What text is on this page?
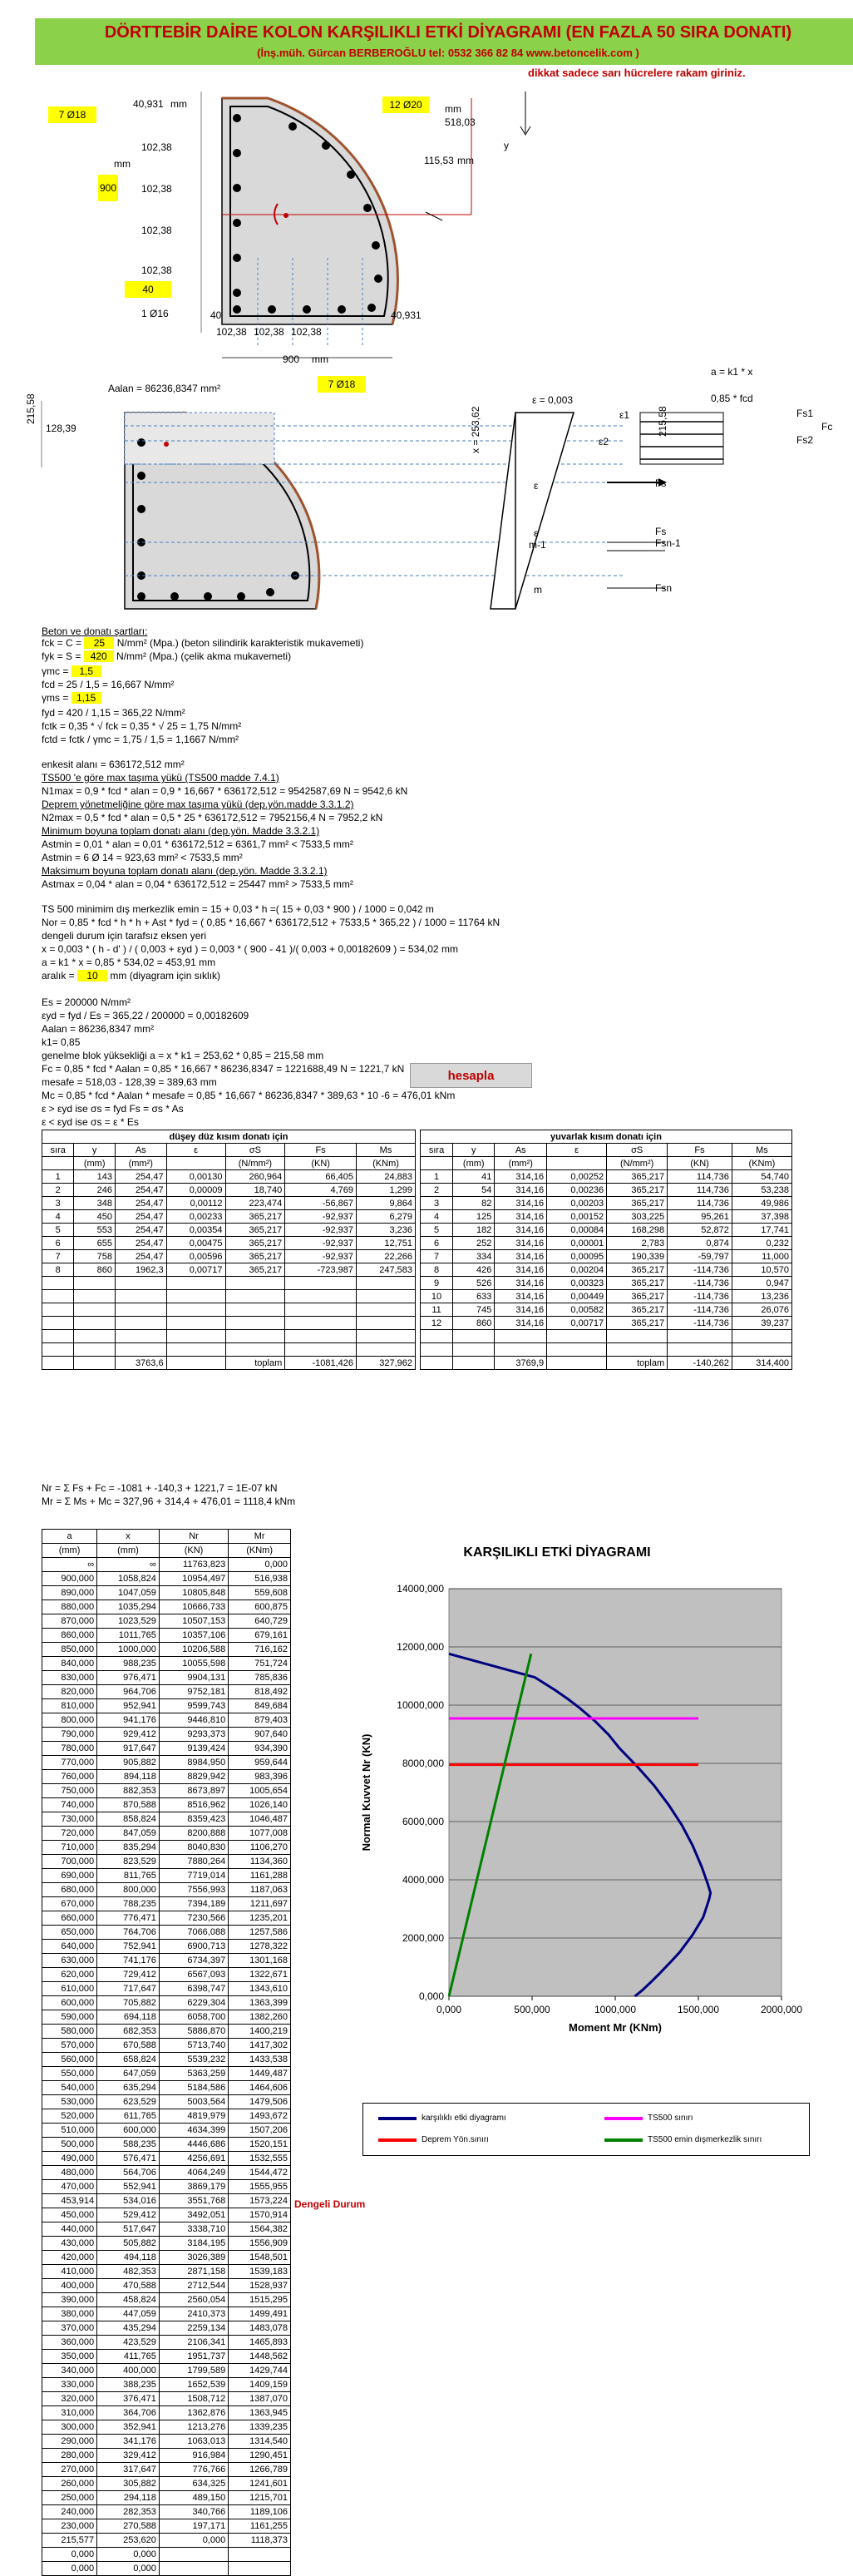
DÖRTTEBİR DAİRE KOLON KARŞILIKLI ETKİ DİYAGRAMI (EN FAZLA 50 SIRA DONATI)
(İnş.müh. Gürcan BERBEROĞLU tel: 0532 366 82 84 www.betoncelik.com )
dikkat sadece sarı hücrelere rakam giriniz.
7 Ø18
12 Ø20
40
900
7 Ø18
40,931 mm
102,38
102,38
102,38
102,38
mm
102,38 102,38 102,38
40,931
40
1 Ø16
900 mm
115,53 mm
518,03
mm
y
Aalan = 86236,8347 mm²
a = k1 * x
0,85 * fcd
ε = 0,003
215,58
128,39	x = 253,62	215,58
ε1
ε2
ε
ε
m-1
m
Fs1
Fs2
Fc
Fs
Fs
Fsn-1
Fsn
Beton ve donatı şartları:
fck = C = 25 N/mm² (Mpa.) (beton silindirik karakteristik mukavemeti)
fyk = S = 420 N/mm² (Mpa.) (çelik akma mukavemeti)
γmc = 1,5
fcd = 25 / 1,5 = 16,667 N/mm²
γms = 1,15
fyd = 420 / 1,15 = 365,22 N/mm²
fctk = 0,35 * √ fck = 0,35 * √ 25 = 1,75 N/mm²
fctd = fctk / γmc = 1,75 / 1,5 = 1,1667 N/mm²
enkesit alanı = 636172,512 mm²
TS500 'e göre max taşıma yükü (TS500 madde 7.4.1)
N1max = 0,9 * fcd * alan = 0,9 * 16,667 * 636172,512 = 9542587,69 N = 9542,6 kN
Deprem yönetmeliğine göre max taşıma yükü (dep.yön.madde 3.3.1.2)
N2max = 0,5 * fcd * alan = 0,5 * 25 * 636172,512 = 7952156,4 N = 7952,2 kN
Minimum boyuna toplam donatı alanı (dep.yön. Madde 3.3.2.1)
Astmin = 0,01 * alan = 0,01 * 636172,512 = 6361,7 mm² < 7533,5 mm²
Astmin = 6 Ø 14 = 923,63 mm² < 7533,5 mm²
Maksimum boyuna toplam donatı alanı (dep.yön. Madde 3.3.2.1)
Astmax = 0,04 * alan = 0,04 * 636172,512 = 25447 mm² > 7533,5 mm²
TS 500 minimim dış merkezlik emin = 15 + 0,03 * h =( 15 + 0,03 * 900 ) / 1000 = 0,042 m
Nor = 0,85 * fcd * h * h + Ast * fyd = ( 0,85 * 16,667 * 636172,512 + 7533,5 * 365,22 ) / 1000 = 11764 kN
dengeli durum için tarafsız eksen yeri
x = 0,003 * ( h - d' ) / ( 0,003 + εyd ) = 0,003 * ( 900 - 41 )/( 0,003 + 0,00182609 ) = 534,02 mm
a = k1 * x = 0,85 * 534,02 = 453,91 mm
aralık = 10 mm (diyagram için sıklık)
Es = 200000 N/mm²
εyd = fyd / Es = 365,22 / 200000 = 0,00182609
Aalan = 86236,8347 mm²
k1= 0,85
genelme blok yüksekliği a = x * k1 = 253,62 * 0,85 = 215,58 mm
Fc = 0,85 * fcd * Aalan = 0,85 * 16,667 * 86236,8347 = 1221688,49 N = 1221,7 kN
mesafe = 518,03 - 128,39 = 389,63 mm
Mc = 0,85 * fcd * Aalan * mesafe = 0,85 * 16,667 * 86236,8347 * 389,63 * 10 -6 = 476,01 kNm
ε > εyd ise σs = fyd Fs = σs * As
ε < εyd ise σs = ε * Es
hesapla
düşey düz kısım donatı için						
sıra	y	As	ε	σS	Fs	Ms
	(mm)	(mm²)		(N/mm²)	(KN)	(KNm)
1	143	254,47	0,00130	260,964	66,405	24,883
2	246	254,47	0,00009	18,740	4,769	1,299
3	348	254,47	0,00112	223,474	-56,867	9,864
4	450	254,47	0,00233	365,217	-92,937	6,279
5	553	254,47	0,00354	365,217	-92,937	3,236
6	655	254,47	0,00475	365,217	-92,937	12,751
7	758	254,47	0,00596	365,217	-92,937	22,266
8	860	1962,3	0,00717	365,217	-723,987	247,583

		3763,6		toplam	-1081,426	327,962
yuvarlak kısım donatı için						
sıra	y	As	ε	σS	Fs	Ms
	(mm)	(mm²)		(N/mm²)	(KN)	(KNm)
1	41	314,16	0,00252	365,217	114,736	54,740
2	54	314,16	0,00236	365,217	114,736	53,238
3	82	314,16	0,00203	365,217	114,736	49,986
4	125	314,16	0,00152	303,225	95,261	37,398
5	182	314,16	0,00084	168,298	52,872	17,741
6	252	314,16	0,00001	2,783	0,874	0,232
7	334	314,16	0,00095	190,339	-59,797	11,000
8	426	314,16	0,00204	365,217	-114,736	10,570
9	526	314,16	0,00323	365,217	-114,736	0,947
10	633	314,16	0,00449	365,217	-114,736	13,236
11	745	314,16	0,00582	365,217	-114,736	26,076
12	860	314,16	0,00717	365,217	-114,736	39,237

		3769,9		toplam	-140,262	314,400
Nr = Σ Fs + Fc = -1081 + -140,3 + 1221,7 = 1E-07 kN
Mr = Σ Ms + Mc = 327,96 + 314,4 + 476,01 = 1118,4 kNm
a	x	Nr	Mr
(mm)	(mm)	(KN)	(KNm)
∞	∞	11763,823	0,000
900,000	1058,824	10954,497	516,938
890,000	1047,059	10805,848	559,608
880,000	1035,294	10666,733	600,875
870,000	1023,529	10507,153	640,729
860,000	1011,765	10357,106	679,161
850,000	1000,000	10206,588	716,162
840,000	988,235	10055,598	751,724
830,000	976,471	9904,131	785,836
820,000	964,706	9752,181	818,492
810,000	952,941	9599,743	849,684
800,000	941,176	9446,810	879,403
790,000	929,412	9293,373	907,640
780,000	917,647	9139,424	934,390
770,000	905,882	8984,950	959,644
760,000	894,118	8829,942	983,396
750,000	882,353	8673,897	1005,654
740,000	870,588	8516,962	1026,140
730,000	858,824	8359,423	1046,487
720,000	847,059	8200,888	1077,008
710,000	835,294	8040,830	1106,270
700,000	823,529	7880,264	1134,360
690,000	811,765	7719,014	1161,288
680,000	800,000	7556,993	1187,063
670,000	788,235	7394,189	1211,697
660,000	776,471	7230,566	1235,201
650,000	764,706	7066,088	1257,586
640,000	752,941	6900,713	1278,322
630,000	741,176	6734,397	1301,168
620,000	729,412	6567,093	1322,671
610,000	717,647	6398,747	1343,610
600,000	705,882	6229,304	1363,399
590,000	694,118	6058,700	1382,260
580,000	682,353	5886,870	1400,219
570,000	670,588	5713,740	1417,302
560,000	658,824	5539,232	1433,538
550,000	647,059	5363,259	1449,487
540,000	635,294	5184,586	1464,606
530,000	623,529	5003,564	1479,506
520,000	611,765	4819,979	1493,672
510,000	600,000	4634,399	1507,206
500,000	588,235	4446,686	1520,151
490,000	576,471	4256,691	1532,555
480,000	564,706	4064,249	1544,472
470,000	552,941	3869,179	1555,955
453,914	534,016	3551,768	1573,224
450,000	529,412	3492,051	1570,914
440,000	517,647	3338,710	1564,382
430,000	505,882	3184,195	1556,909
420,000	494,118	3026,389	1548,501
410,000	482,353	2871,158	1539,183
400,000	470,588	2712,544	1528,937
390,000	458,824	2560,054	1515,295
380,000	447,059	2410,373	1499,491
370,000	435,294	2259,134	1483,078
360,000	423,529	2106,341	1465,893
350,000	411,765	1951,737	1448,562
340,000	400,000	1799,589	1429,744
330,000	388,235	1652,539	1409,159
320,000	376,471	1508,712	1387,070
310,000	364,706	1362,876	1363,945
300,000	352,941	1213,276	1339,235
290,000	341,176	1063,013	1314,540
280,000	329,412	916,984	1290,451
270,000	317,647	776,766	1266,789
260,000	305,882	634,325	1241,601
250,000	294,118	489,150	1215,701
240,000	282,353	340,766	1189,106
230,000	270,588	197,171	1161,255
215,577	253,620	0,000	1118,373
0,000	0,000		
0,000	0,000		
Dengeli Durum
KARŞILIKLI ETKİ DİYAGRAMI
0,000
2000,000
4000,000
6000,000
8000,000
10000,000
12000,000
14000,000
0,000	500,000	1000,000	1500,000	2000,000
Moment Mr (KNm)
Normal Kuvvet Nr (KN)
karşılıklı etki diyagramı	TS500 sınırı
Deprem Yön.sınırı	TS500 emin dışmerkezlik sınırı
